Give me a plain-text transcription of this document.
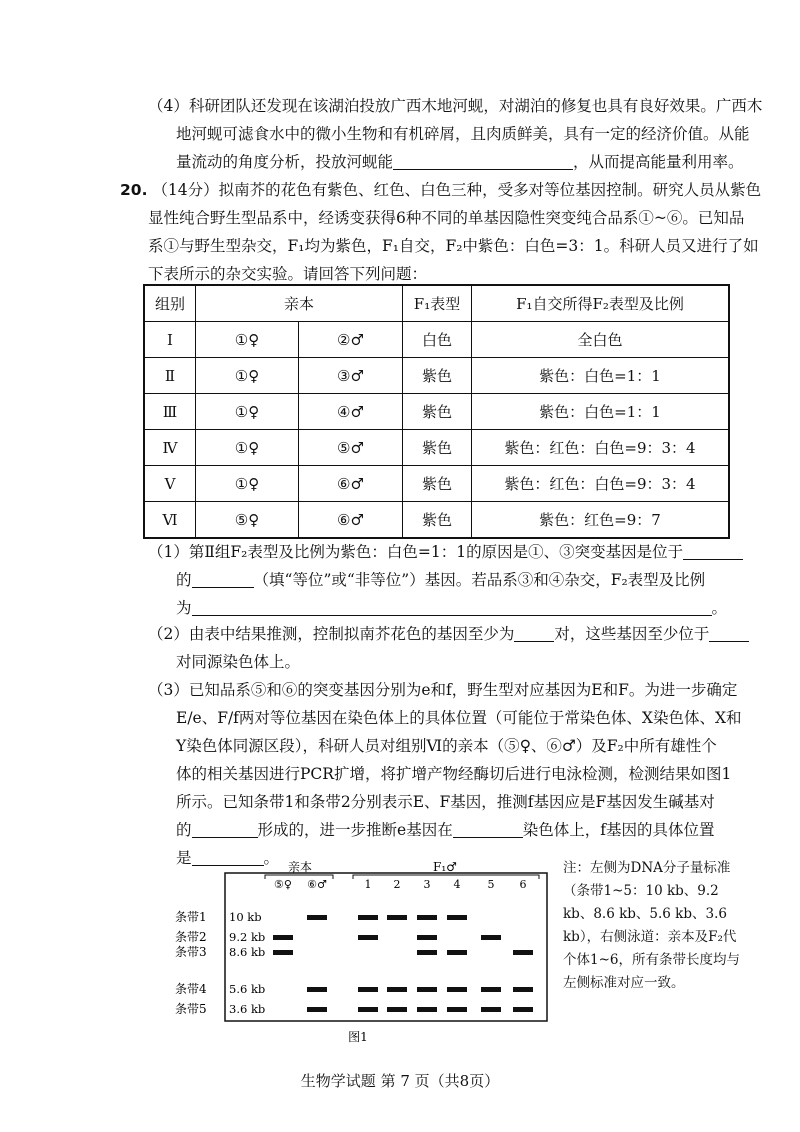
（4）科研团队还发现在该湖泊投放广西木地河蚬，对湖泊的修复也具有良好效果。广西木
地河蚬可滤食水中的微小生物和有机碎屑，且肉质鲜美，具有一定的经济价值。从能
量流动的角度分析，投放河蚬能	，从而提高能量利用率。
20. （14分）拟南芥的花色有紫色、红色、白色三种，受多对等位基因控制。研究人员从紫色
显性纯合野生型品系中，经诱变获得6种不同的单基因隐性突变纯合品系①~⑥。已知品
系①与野生型杂交，F₁均为紫色，F₁自交，F₂中紫色：白色=3：1。科研人员又进行了如
下表所示的杂交实验。请回答下列问题：
组别	亲本		F₁表型	F₁自交所得F₂表型及比例
Ⅰ	①♀	②♂	白色	全白色
Ⅱ	①♀	③♂	紫色	紫色：白色=1：1
Ⅲ	①♀	④♂	紫色	紫色：白色=1：1
Ⅳ	①♀	⑤♂	紫色	紫色：红色：白色=9：3：4
Ⅴ	①♀	⑥♂	紫色	紫色：红色：白色=9：3：4
Ⅵ	⑤♀	⑥♂	紫色	紫色：红色=9：7
（1）第Ⅱ组F₂表型及比例为紫色：白色=1：1的原因是①、③突变基因是位于
的	（填“等位”或“非等位”）基因。若品系③和④杂交，F₂表型及比例
为	。
（2）由表中结果推测，控制拟南芥花色的基因至少为	对，这些基因至少位于
对同源染色体上。
（3）已知品系⑤和⑥的突变基因分别为e和f，野生型对应基因为E和F。为进一步确定
E/e、F/f两对等位基因在染色体上的具体位置（可能位于常染色体、X染色体、X和
Y染色体同源区段），科研人员对组别Ⅵ的亲本（⑤♀、⑥♂）及F₂中所有雄性个
体的相关基因进行PCR扩增，将扩增产物经酶切后进行电泳检测，检测结果如图1
所示。已知条带1和条带2分别表示E、F基因，推测f基因应是F基因发生碱基对
的	形成的，进一步推断e基因在	染色体上，f基因的具体位置
是	。 亲本	F₁♂
⑤♀ ⑥♂	1 2 3 4 5 6
条带1 10 kb
条带2 9.2 kb
条带3 8.6 kb
条带4 5.6 kb
条带5 3.6 kb
图1
注：左侧为DNA分子量标准（条带1~5：10 kb、9.2 kb、8.6 kb、5.6 kb、3.6 kb），右侧泳道：亲本及F₂代个体1~6，所有条带长度均与左侧标准对应一致。
生物学试题 第 7 页（共8页）
